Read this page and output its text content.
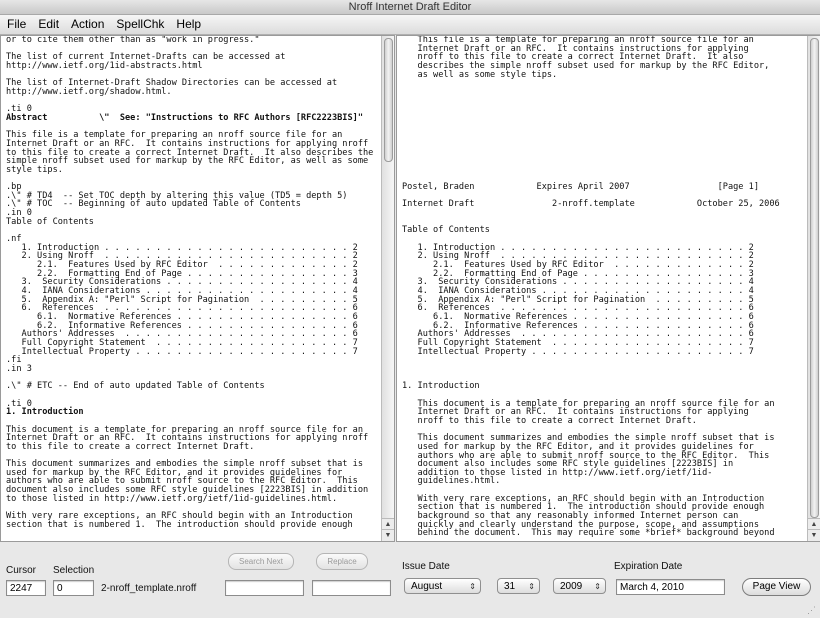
Nroff Internet Draft Editor
File Edit Action SpellChk Help
or to cite them other than as "work in progress."

The list of current Internet-Drafts can be accessed at
http://www.ietf.org/1id-abstracts.html

The list of Internet-Draft Shadow Directories can be accessed at
http://www.ietf.org/shadow.html.

.ti 0
Abstract          \"  See: "Instructions to RFC Authors [RFC2223BIS]"

This file is a template for preparing an nroff source file for an
Internet Draft or an RFC.  It contains instructions for applying nroff
to this file to create a correct Internet Draft.  It also describes the
simple nroff subset used for markup by the RFC Editor, as well as some
style tips.

.bp
.\" # TD4  -- Set TOC depth by altering this value (TD5 = depth 5)
.\" # TOC  -- Beginning of auto updated Table of Contents
.in 0
Table of Contents

.nf
1. Introduction . . . . . . . . . . . . . . . . . . . . . . . . 2
2. Using Nroff  . . . . . . . . . . . . . . . . . . . . . . . . 2
2.1.  Features Used by RFC Editor  . . . . . . . . . . . . . 2
2.2.  Formatting End of Page . . . . . . . . . . . . . . . . 3
3.  Security Considerations . . . . . . . . . . . . . . . . . . 4
4.  IANA Considerations . . . . . . . . . . . . . . . . . . . . 4
5.  Appendix A: "Perl" Script for Pagination  . . . . . . . . . 5
6.  References  . . . . . . . . . . . . . . . . . . . . . . . . 6
6.1.  Normative References . . . . . . . . . . . . . . . . . 6
6.2.  Informative References . . . . . . . . . . . . . . . . 6
Authors' Addresses  . . . . . . . . . . . . . . . . . . . . . . 6
Full Copyright Statement  . . . . . . . . . . . . . . . . . . . 7
Intellectual Property . . . . . . . . . . . . . . . . . . . . . 7
.fi
.in 3

.\" # ETC -- End of auto updated Table of Contents

.ti 0
1. Introduction

This document is a template for preparing an nroff source file for an
Internet Draft or an RFC.  It contains instructions for applying nroff
to this file to create a correct Internet Draft.

This document summarizes and embodies the simple nroff subset that is
used for markup by the RFC Editor, and it provides guidelines for
authors who are able to submit nroff source to the RFC Editor.  This
document also includes some RFC style guidelines [2223BIS] in addition
to those listed in http://www.ietf.org/ietf/1id-guidelines.html.

With very rare exceptions, an RFC should begin with an Introduction
section that is numbered 1.  The introduction should provide enough	▲
▼
This file is a template for preparing an nroff source file for an
Internet Draft or an RFC.  It contains instructions for applying
nroff to this file to create a correct Internet Draft.  It also
describes the simple nroff subset used for markup by the RFC Editor,
as well as some style tips.

Postel, Braden            Expires April 2007                 [Page 1]

Internet Draft               2-nroff.template            October 25, 2006

Table of Contents

1. Introduction . . . . . . . . . . . . . . . . . . . . . . . . 2
2. Using Nroff  . . . . . . . . . . . . . . . . . . . . . . . . 2
2.1.  Features Used by RFC Editor  . . . . . . . . . . . . . 2
2.2.  Formatting End of Page . . . . . . . . . . . . . . . . 3
3.  Security Considerations . . . . . . . . . . . . . . . . . . 4
4.  IANA Considerations . . . . . . . . . . . . . . . . . . . . 4
5.  Appendix A: "Perl" Script for Pagination  . . . . . . . . . 5
6.  References  . . . . . . . . . . . . . . . . . . . . . . . . 6
6.1.  Normative References . . . . . . . . . . . . . . . . . 6
6.2.  Informative References . . . . . . . . . . . . . . . . 6
Authors' Addresses  . . . . . . . . . . . . . . . . . . . . . . 6
Full Copyright Statement  . . . . . . . . . . . . . . . . . . . 7
Intellectual Property . . . . . . . . . . . . . . . . . . . . . 7

1. Introduction

This document is a template for preparing an nroff source file for an
Internet Draft or an RFC.  It contains instructions for applying
nroff to this file to create a correct Internet Draft.

This document summarizes and embodies the simple nroff subset that is
used for markup by the RFC Editor, and it provides guidelines for
authors who are able to submit nroff source to the RFC Editor.  This
document also includes some RFC style guidelines [2223BIS] in
addition to those listed in http://www.ietf.org/ietf/1id-
guidelines.html.

With very rare exceptions, an RFC should begin with an Introduction
section that is numbered 1.  The introduction should provide enough
background so that any reasonably informed Internet person can
quickly and clearly understand the purpose, scope, and assumptions
behind the document.  This may require some *brief* background beyond

▲
▼
Cursor
2247
Selection
0	2-nroff_template.nroff
Search Next	Replace	Issue Date
August	⇕	31 ⇕	2009 ⇕
Expiration Date
March 4, 2010	Page View
⋰
